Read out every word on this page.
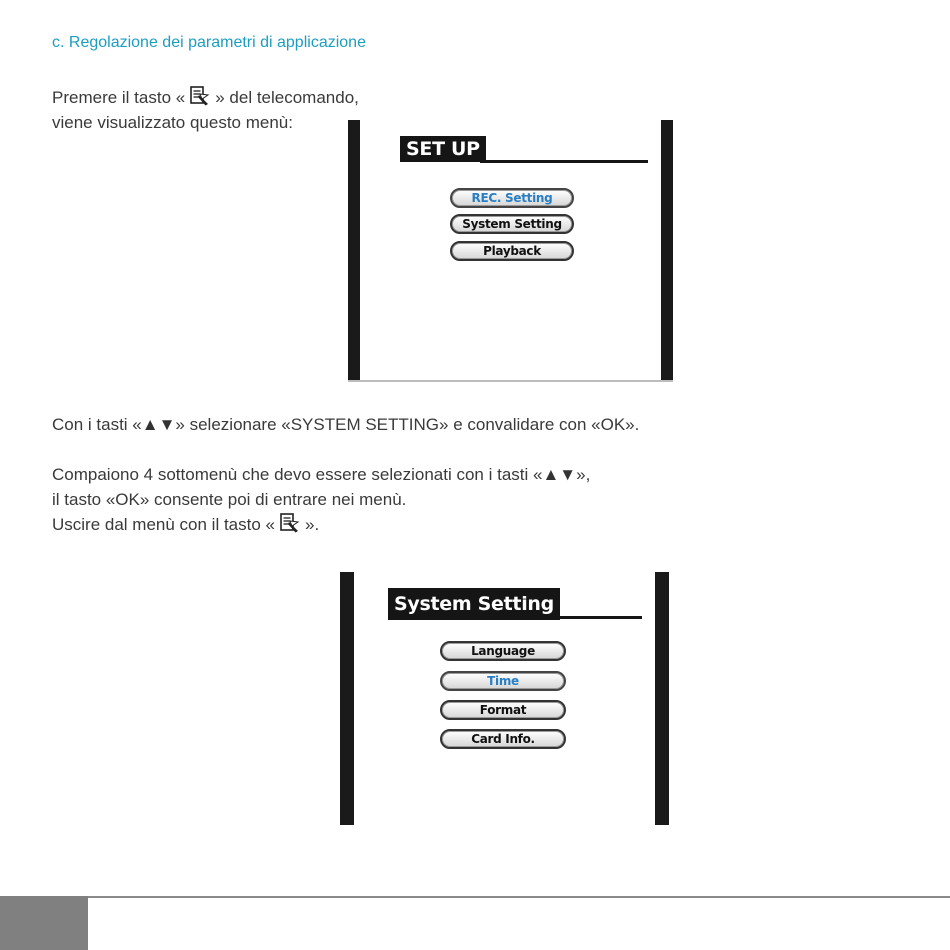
c. Regolazione dei parametri di applicazione
Premere il tasto « » del telecomando,
viene visualizzato questo menù:
SET UP
REC. Setting
System Setting
Playback
Con i tasti «▲▼» selezionare «SYSTEM SETTING» e convalidare con «OK».
Compaiono 4 sottomenù che devo essere selezionati con i tasti «▲▼»,
il tasto «OK» consente poi di entrare nei menù.
Uscire dal menù con il tasto « ».
System Setting
Language
Time
Format
Card Info.
